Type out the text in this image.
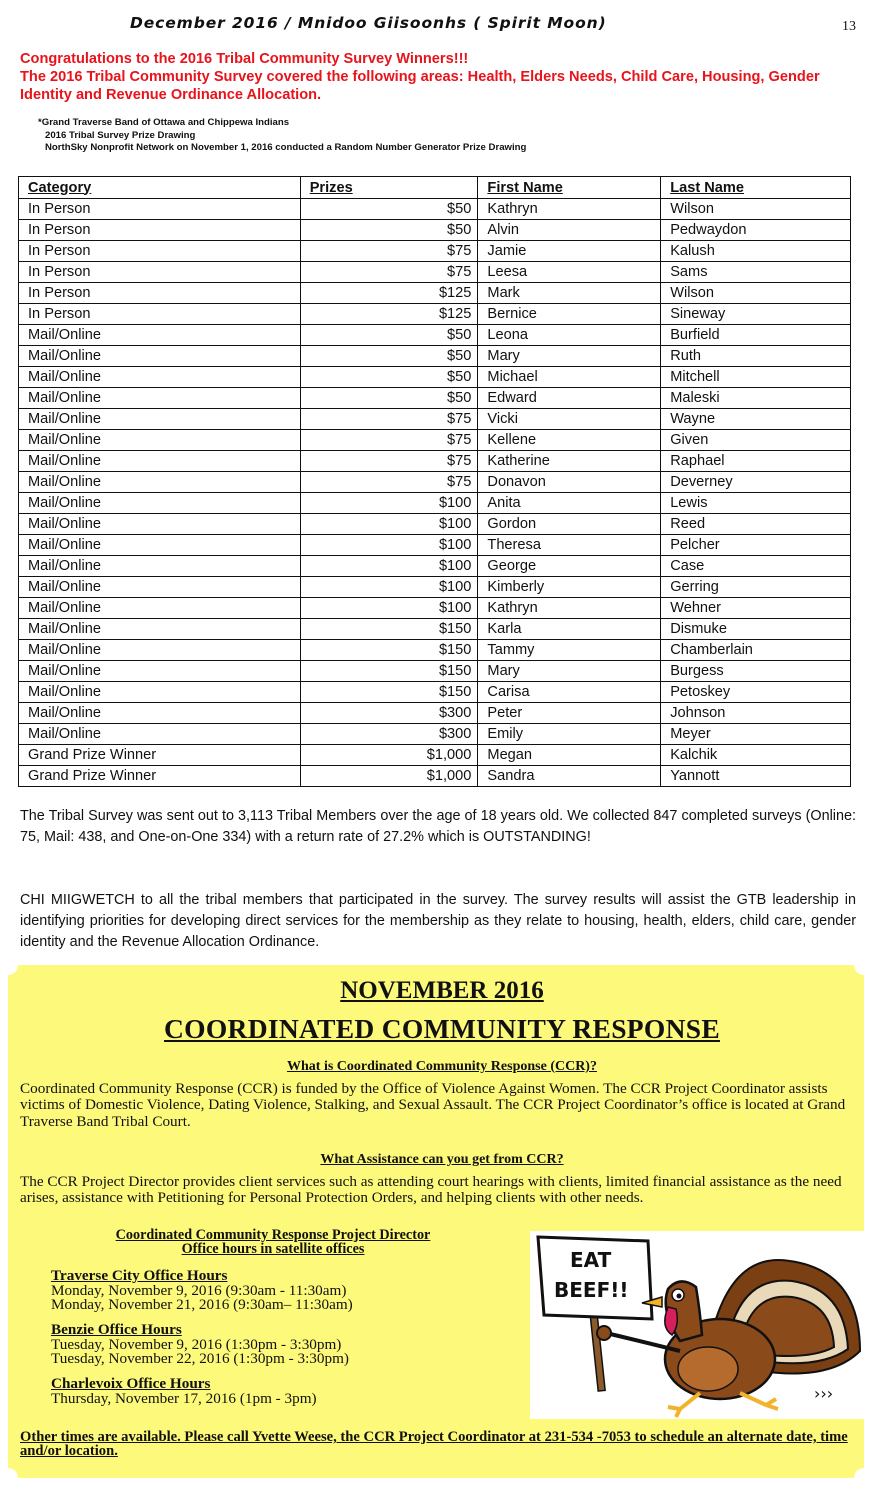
December 2016 / Mnidoo Giisoonhs ( Spirit Moon)	13
Congratulations to the 2016 Tribal Community Survey Winners!!!
The 2016 Tribal Community Survey covered the following areas: Health, Elders Needs, Child Care, Housing, Gender Identity and Revenue Ordinance Allocation.
*Grand Traverse Band of Ottawa and Chippewa Indians
2016 Tribal Survey Prize Drawing
NorthSky Nonprofit Network on November 1, 2016 conducted a Random Number Generator Prize Drawing
Category	Prizes	First Name	Last Name
In Person	$50	Kathryn	Wilson
In Person	$50	Alvin	Pedwaydon
In Person	$75	Jamie	Kalush
In Person	$75	Leesa	Sams
In Person	$125	Mark	Wilson
In Person	$125	Bernice	Sineway
Mail/Online	$50	Leona	Burfield
Mail/Online	$50	Mary	Ruth
Mail/Online	$50	Michael	Mitchell
Mail/Online	$50	Edward	Maleski
Mail/Online	$75	Vicki	Wayne
Mail/Online	$75	Kellene	Given
Mail/Online	$75	Katherine	Raphael
Mail/Online	$75	Donavon	Deverney
Mail/Online	$100	Anita	Lewis
Mail/Online	$100	Gordon	Reed
Mail/Online	$100	Theresa	Pelcher
Mail/Online	$100	George	Case
Mail/Online	$100	Kimberly	Gerring
Mail/Online	$100	Kathryn	Wehner
Mail/Online	$150	Karla	Dismuke
Mail/Online	$150	Tammy	Chamberlain
Mail/Online	$150	Mary	Burgess
Mail/Online	$150	Carisa	Petoskey
Mail/Online	$300	Peter	Johnson
Mail/Online	$300	Emily	Meyer
Grand Prize Winner	$1,000	Megan	Kalchik
Grand Prize Winner	$1,000	Sandra	Yannott
The Tribal Survey was sent out to 3,113 Tribal Members over the age of 18 years old. We collected 847 completed surveys (Online: 75, Mail: 438, and One-on-One 334) with a return rate of 27.2% which is OUTSTANDING!
CHI MIIGWETCH to all the tribal members that participated in the survey. The survey results will assist the GTB leadership in identifying priorities for developing direct services for the membership as they relate to housing, health, elders, child care, gender identity and the Revenue Allocation Ordinance.
NOVEMBER 2016
COORDINATED COMMUNITY RESPONSE
What is Coordinated Community Response (CCR)?
Coordinated Community Response (CCR) is funded by the Office of Violence Against Women. The CCR Project Coordinator assists victims of Domestic Violence, Dating Violence, Stalking, and Sexual Assault. The CCR Project Coordinator’s office is located at Grand Traverse Band Tribal Court.
What Assistance can you get from CCR?
The CCR Project Director provides client services such as attending court hearings with clients, limited financial assistance as the need arises, assistance with Petitioning for Personal Protection Orders, and helping clients with other needs.
Coordinated Community Response Project Director
Office hours in satellite offices
Traverse City Office Hours
Monday, November 9, 2016 (9:30am - 11:30am)
Monday, November 21, 2016 (9:30am– 11:30am)
Benzie Office Hours
Tuesday, November 9, 2016 (1:30pm - 3:30pm)
Tuesday, November 22, 2016 (1:30pm - 3:30pm)
Charlevoix Office Hours
Thursday, November 17, 2016 (1pm - 3pm)
EAT
BEEF!!
›››
Other times are available. Please call Yvette Weese, the CCR Project Coordinator at 231-534 -7053 to schedule an alternate date, time and/or location.
